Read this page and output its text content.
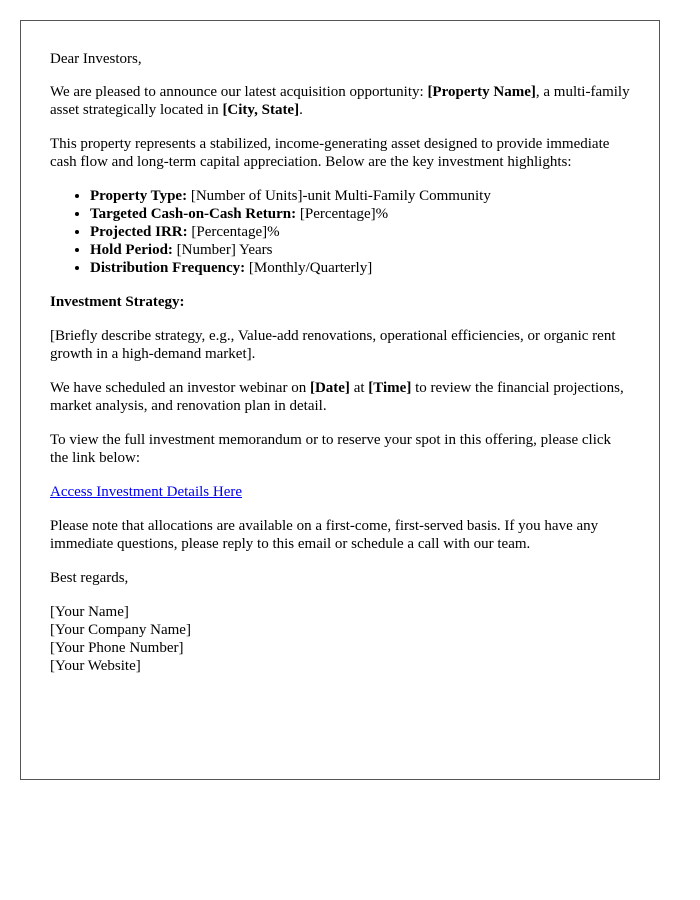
Dear Investors,

We are pleased to announce our latest acquisition opportunity: [Property Name], a multi-family asset strategically located in [City, State].

This property represents a stabilized, income-generating asset designed to provide immediate cash flow and long-term capital appreciation. Below are the key investment highlights:

• Property Type: [Number of Units]-unit Multi-Family Community
• Targeted Cash-on-Cash Return: [Percentage]%
• Projected IRR: [Percentage]%
• Hold Period: [Number] Years
• Distribution Frequency: [Monthly/Quarterly]

Investment Strategy:

[Briefly describe strategy, e.g., Value-add renovations, operational efficiencies, or organic rent growth in a high-demand market].

We have scheduled an investor webinar on [Date] at [Time] to review the financial projections, market analysis, and renovation plan in detail.

To view the full investment memorandum or to reserve your spot in this offering, please click the link below:

Access Investment Details Here

Please note that allocations are available on a first-come, first-served basis. If you have any immediate questions, please reply to this email or schedule a call with our team.

Best regards,

[Your Name]
[Your Company Name]
[Your Phone Number]
[Your Website]
